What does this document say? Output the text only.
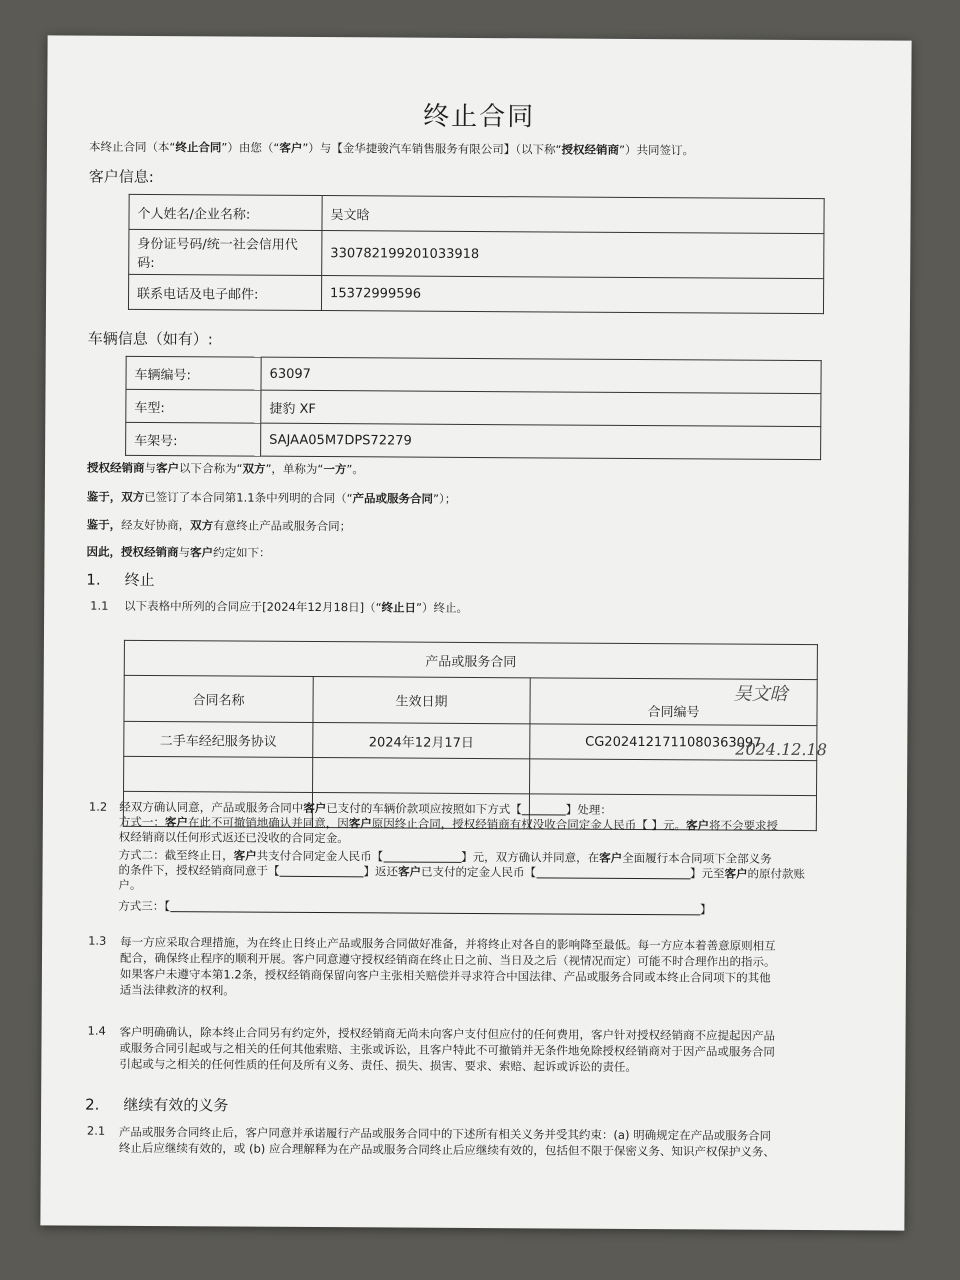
终止合同
本终止合同（本“终止合同”）由您（“客户”）与【金华捷骏汽车销售服务有限公司】（以下称“授权经销商”）共同签订。
客户信息:
个人姓名/企业名称:	吴文晗
身份证号码/统一社会信用代码:	330782199201033918
联系电话及电子邮件:	15372999596
车辆信息（如有）:
车辆编号:	63097
车型:	捷豹 XF
车架号:	SAJAA05M7DPS72279
授权经销商与客户以下合称为“双方”，单称为“一方”。
鉴于，双方已签订了本合同第1.1条中列明的合同（“产品或服务合同”）；
鉴于，经友好协商，双方有意终止产品或服务合同；
因此，授权经销商与客户约定如下：
1. 终止
1.1 以下表格中所列的合同应于[2024年12月18日]（“终止日”）终止。
产品或服务合同		
合同名称	生效日期	合同编号
二手车经纪服务协议	2024年12月17日	CG2024121711080363097

吴文晗
2024.12.18
1.2 经双方确认同意，产品或服务合同中客户已支付的车辆价款项应按照如下方式【	】处理：
方式一：客户在此不可撤销地确认并同意，因客户原因终止合同，授权经销商有权没收合同定金人民币【 】元。客户将不会要求授
权经销商以任何形式返还已没收的合同定金。
方式二：截至终止日，客户共支付合同定金人民币【	】元，双方确认并同意，在客户全面履行本合同项下全部义务
的条件下，授权经销商同意于【	】返还客户已支付的定金人民币【	】元至客户的原付款账
户。
方式三：【	】
1.3 每一方应采取合理措施，为在终止日终止产品或服务合同做好准备，并将终止对各自的影响降至最低。每一方应本着善意原则相互
配合，确保终止程序的顺利开展。客户同意遵守授权经销商在终止日之前、当日及之后（视情况而定）可能不时合理作出的指示。
如果客户未遵守本第1.2条，授权经销商保留向客户主张相关赔偿并寻求符合中国法律、产品或服务合同或本终止合同项下的其他
适当法律救济的权利。
1.4 客户明确确认，除本终止合同另有约定外，授权经销商无尚未向客户支付但应付的任何费用，客户针对授权经销商不应提起因产品
或服务合同引起或与之相关的任何其他索赔、主张或诉讼，且客户特此不可撤销并无条件地免除授权经销商对于因产品或服务合同
引起或与之相关的任何性质的任何及所有义务、责任、损失、损害、要求、索赔、起诉或诉讼的责任。
2. 继续有效的义务
2.1 产品或服务合同终止后，客户同意并承诺履行产品或服务合同中的下述所有相关义务并受其约束：(a) 明确规定在产品或服务合同
终止后应继续有效的，或 (b) 应合理解释为在产品或服务合同终止后应继续有效的，包括但不限于保密义务、知识产权保护义务、
